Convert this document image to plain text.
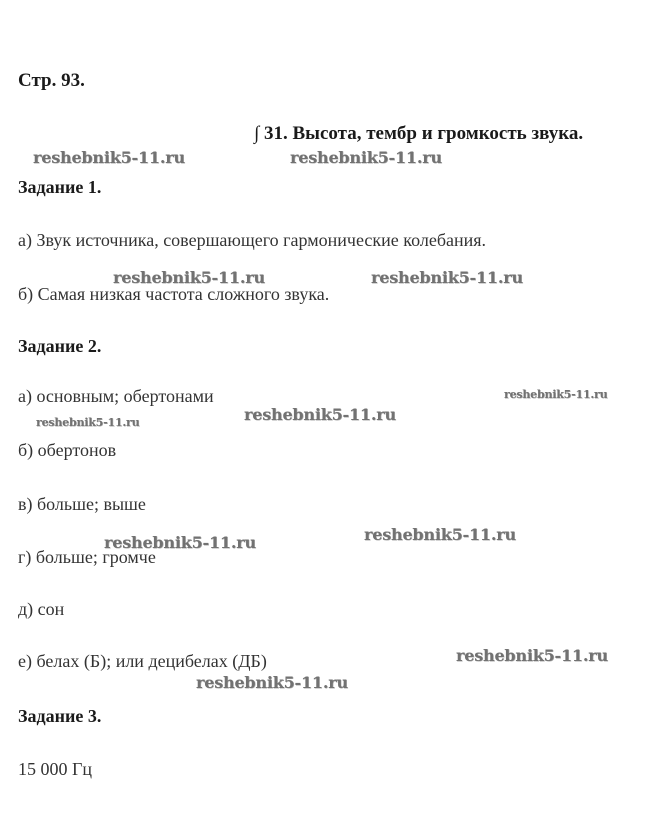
Стр. 93.
∫ 31. Высота, тембр и громкость звука.
Задание 1.
а) Звук источника, совершающего гармонические колебания.
б) Самая низкая частота сложного звука.
Задание 2.
а) основным; обертонами
б) обертонов
в) больше; выше
г) больше; громче
д) сон
е) белах (Б); или децибелах (ДБ)
Задание 3.
15 000 Гц
reshebnik5-11.ru	reshebnik5-11.ru
reshebnik5-11.ru	reshebnik5-11.ru
reshebnik5-11.ru
reshebnik5-11.ru	reshebnik5-11.ru
reshebnik5-11.ru
reshebnik5-11.ru
reshebnik5-11.ru
reshebnik5-11.ru
